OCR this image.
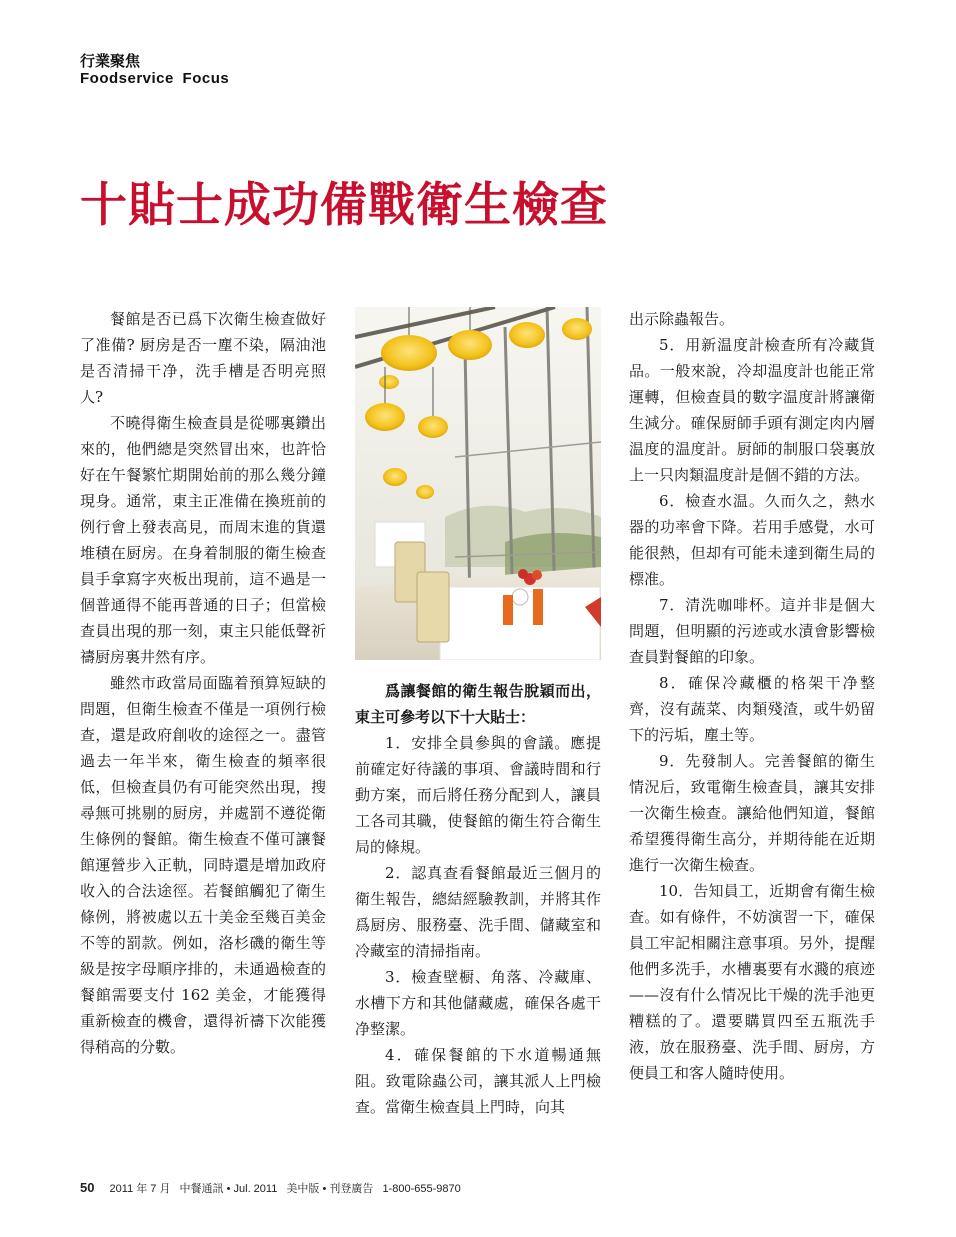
行業聚焦
Foodservice Focus
十貼士成功備戰衛生檢查

餐館是否已爲下次衛生檢查做好了准備? 厨房是否一塵不染，隔油池是否清掃干净，洗手槽是否明亮照人?

不曉得衛生檢查員是從哪裏鑽出來的，他們總是突然冒出來，也許恰好在午餐繁忙期開始前的那么幾分鐘現身。通常，東主正准備在換班前的例行會上發表高見，而周末進的貨還堆積在厨房。在身着制服的衛生檢查員手拿寫字夾板出現前，這不過是一個普通得不能再普通的日子；但當檢查員出現的那一刻，東主只能低聲祈禱厨房裏井然有序。

雖然市政當局面臨着預算短缺的問題，但衛生檢查不僅是一項例行檢查，還是政府創收的途徑之一。盡管過去一年半來，衛生檢查的頻率很低，但檢查員仍有可能突然出現，搜尋無可挑剔的厨房，并處罰不遵從衛生條例的餐館。衛生檢查不僅可讓餐館運營步入正軌，同時還是增加政府收入的合法途徑。若餐館觸犯了衛生條例，將被處以五十美金至幾百美金不等的罰款。例如，洛杉磯的衛生等級是按字母順序排的，未通過檢查的餐館需要支付 162 美金，才能獲得重新檢查的機會，還得祈禱下次能獲得稍高的分數。

爲讓餐館的衛生報告脫穎而出，東主可參考以下十大貼士：

1．安排全員參與的會議。應提前確定好待議的事項、會議時間和行動方案，而后將任務分配到人，讓員工各司其職，使餐館的衛生符合衛生局的條規。

2．認真查看餐館最近三個月的衛生報告，總結經驗教訓，并將其作爲厨房、服務臺、洗手間、儲藏室和冷藏室的清掃指南。

3．檢查壁橱、角落、冷藏庫、水槽下方和其他儲藏處，確保各處干净整潔。

4．確保餐館的下水道暢通無阻。致電除蟲公司，讓其派人上門檢查。當衛生檢查員上門時，向其

出示除蟲報告。

5．用新温度計檢查所有冷藏貨品。一般來說，冷却温度計也能正常運轉，但檢查員的數字温度計將讓衛生減分。確保厨師手頭有測定肉内層温度的温度計。厨師的制服口袋裏放上一只肉類温度計是個不錯的方法。

6．檢查水温。久而久之，熱水器的功率會下降。若用手感覺，水可能很熱，但却有可能未達到衛生局的標准。

7．清洗咖啡杯。這并非是個大問題，但明顯的污迹或水漬會影響檢查員對餐館的印象。

8．確保冷藏櫃的格架干净整齊，沒有蔬菜、肉類殘渣，或牛奶留下的污垢，塵土等。

9．先發制人。完善餐館的衛生情況后，致電衛生檢查員，讓其安排一次衛生檢查。讓給他們知道，餐館希望獲得衛生高分，并期待能在近期進行一次衛生檢查。

10．告知員工，近期會有衛生檢查。如有條件，不妨演習一下，確保員工牢記相關注意事項。另外，提醒他們多洗手，水槽裏要有水濺的痕迹——沒有什么情况比干燥的洗手池更糟糕的了。還要購買四至五瓶洗手液，放在服務臺、洗手間、厨房，方便員工和客人隨時使用。

50 2011 年 7 月 中餐通訊 • Jul. 2011 美中版 • 刊登廣告 1-800-655-9870
